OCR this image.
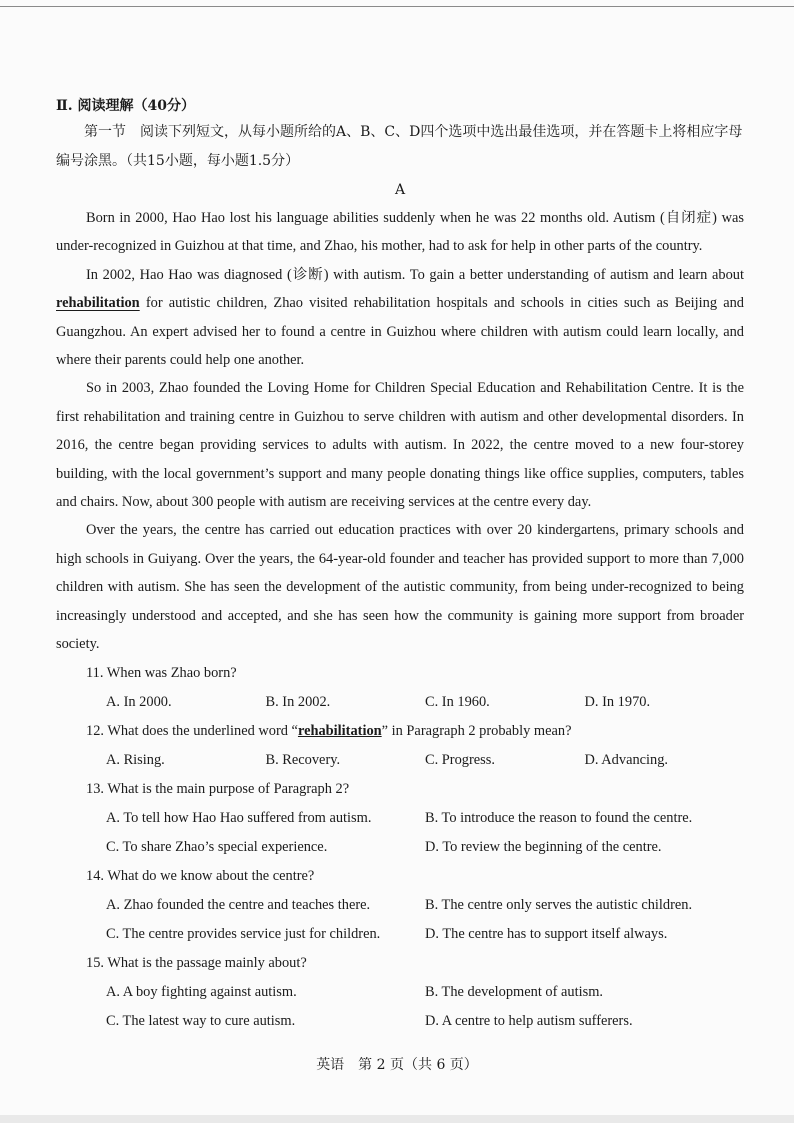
Ⅱ. 阅读理解（40分）

第一节　阅读下列短文，从每小题所给的A、B、C、D四个选项中选出最佳选项，并在答题卡上将相应字母编号涂黑。（共15小题，每小题1.5分）

A

Born in 2000, Hao Hao lost his language abilities suddenly when he was 22 months old. Autism (自闭症) was under-recognized in Guizhou at that time, and Zhao, his mother, had to ask for help in other parts of the country.

In 2002, Hao Hao was diagnosed (诊断) with autism. To gain a better understanding of autism and learn about rehabilitation for autistic children, Zhao visited rehabilitation hospitals and schools in cities such as Beijing and Guangzhou. An expert advised her to found a centre in Guizhou where children with autism could learn locally, and where their parents could help one another.

So in 2003, Zhao founded the Loving Home for Children Special Education and Rehabilitation Centre. It is the first rehabilitation and training centre in Guizhou to serve children with autism and other developmental disorders. In 2016, the centre began providing services to adults with autism. In 2022, the centre moved to a new four-storey building, with the local government’s support and many people donating things like office supplies, computers, tables and chairs. Now, about 300 people with autism are receiving services at the centre every day.

Over the years, the centre has carried out education practices with over 20 kindergartens, primary schools and high schools in Guiyang. Over the years, the 64-year-old founder and teacher has provided support to more than 7,000 children with autism. She has seen the development of the autistic community, from being under-recognized to being increasingly understood and accepted, and she has seen how the community is gaining more support from broader society.

11. When was Zhao born?
A. In 2000.	B. In 2002.	C. In 1960.	D. In 1970.
12. What does the underlined word “rehabilitation” in Paragraph 2 probably mean?
A. Rising.	B. Recovery.	C. Progress.	D. Advancing.
13. What is the main purpose of Paragraph 2?
A. To tell how Hao Hao suffered from autism.	B. To introduce the reason to found the centre.
C. To share Zhao’s special experience.	D. To review the beginning of the centre.
14. What do we know about the centre?
A. Zhao founded the centre and teaches there.	B. The centre only serves the autistic children.
C. The centre provides service just for children.	D. The centre has to support itself always.
15. What is the passage mainly about?
A. A boy fighting against autism.	B. The development of autism.
C. The latest way to cure autism.	D. A centre to help autism sufferers.
英语　第 2 页（共 6 页）
